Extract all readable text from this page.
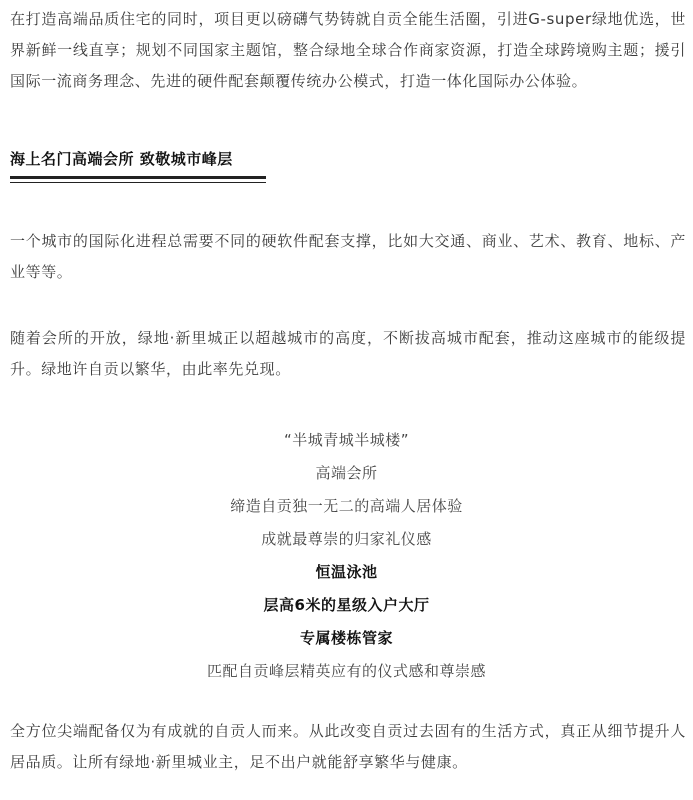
在打造高端品质住宅的同时，项目更以磅礴气势铸就自贡全能生活圈，引进G-super绿地优选，世界新鲜一线直享；规划不同国家主题馆，整合绿地全球合作商家资源，打造全球跨境购主题；援引国际一流商务理念、先进的硬件配套颠覆传统办公模式，打造一体化国际办公体验。

海上名门高端会所 致敬城市峰层

一个城市的国际化进程总需要不同的硬软件配套支撑，比如大交通、商业、艺术、教育、地标、产业等等。

随着会所的开放，绿地·新里城正以超越城市的高度，不断拔高城市配套，推动这座城市的能级提升。绿地许自贡以繁华，由此率先兑现。

“半城青城半城楼”
高端会所
缔造自贡独一无二的高端人居体验
成就最尊崇的归家礼仪感
恒温泳池
层高6米的星级入户大厅
专属楼栋管家
匹配自贡峰层精英应有的仪式感和尊崇感

全方位尖端配备仅为有成就的自贡人而来。从此改变自贡过去固有的生活方式，真正从细节提升人居品质。让所有绿地·新里城业主，足不出户就能舒享繁华与健康。
